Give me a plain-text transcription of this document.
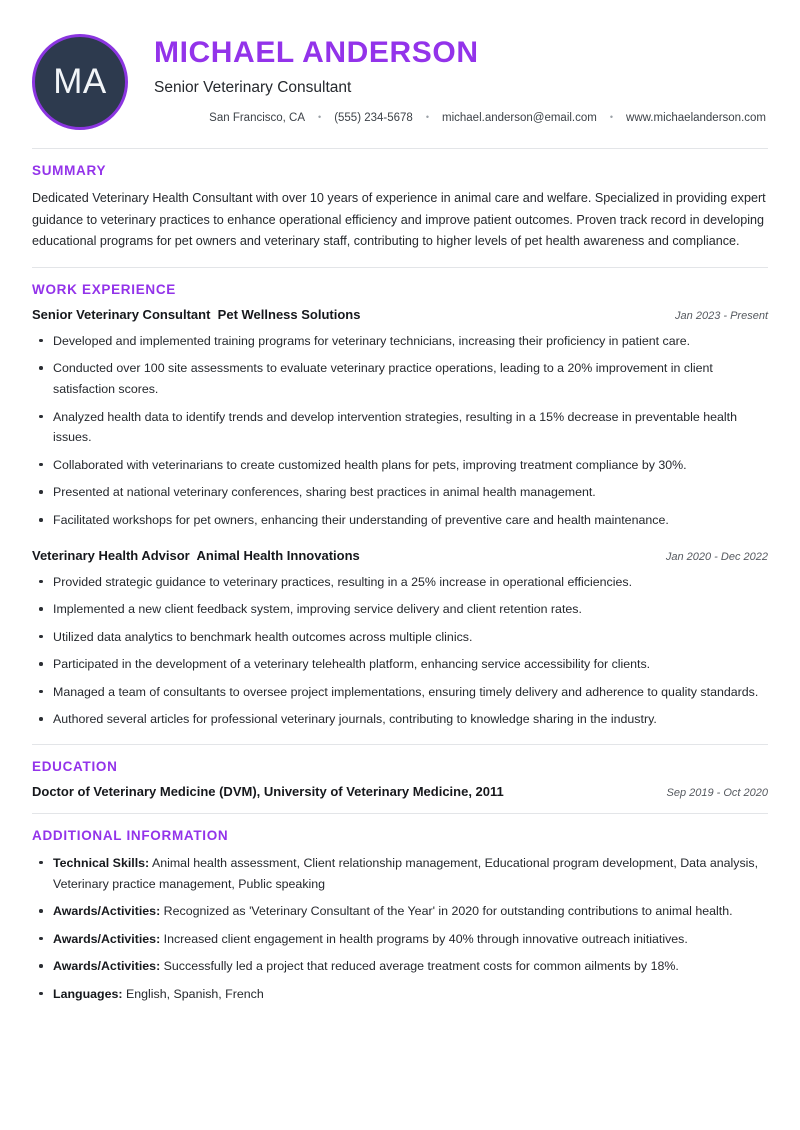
MA
MICHAEL ANDERSON
Senior Veterinary Consultant
San Francisco, CA	•	(555) 234-5678	•	michael.anderson@email.com	•	www.michaelanderson.com
SUMMARY

Dedicated Veterinary Health Consultant with over 10 years of experience in animal care and welfare. Specialized in providing expert guidance to veterinary practices to enhance operational efficiency and improve patient outcomes. Proven track record in developing educational programs for pet owners and veterinary staff, contributing to higher levels of pet health awareness and compliance.

WORK EXPERIENCE
Senior Veterinary Consultant Pet Wellness Solutions	Jan 2023 - Present
Developed and implemented training programs for veterinary technicians, increasing their proficiency in patient care.
Conducted over 100 site assessments to evaluate veterinary practice operations, leading to a 20% improvement in client satisfaction scores.
Analyzed health data to identify trends and develop intervention strategies, resulting in a 15% decrease in preventable health issues.
Collaborated with veterinarians to create customized health plans for pets, improving treatment compliance by 30%.
Presented at national veterinary conferences, sharing best practices in animal health management.
Facilitated workshops for pet owners, enhancing their understanding of preventive care and health maintenance.
Veterinary Health Advisor Animal Health Innovations	Jan 2020 - Dec 2022
Provided strategic guidance to veterinary practices, resulting in a 25% increase in operational efficiencies.
Implemented a new client feedback system, improving service delivery and client retention rates.
Utilized data analytics to benchmark health outcomes across multiple clinics.
Participated in the development of a veterinary telehealth platform, enhancing service accessibility for clients.
Managed a team of consultants to oversee project implementations, ensuring timely delivery and adherence to quality standards.
Authored several articles for professional veterinary journals, contributing to knowledge sharing in the industry.
EDUCATION
Doctor of Veterinary Medicine (DVM), University of Veterinary Medicine, 2011	Sep 2019 - Oct 2020
ADDITIONAL INFORMATION
Technical Skills: Animal health assessment, Client relationship management, Educational program development, Data analysis, Veterinary practice management, Public speaking
Awards/Activities: Recognized as 'Veterinary Consultant of the Year' in 2020 for outstanding contributions to animal health.
Awards/Activities: Increased client engagement in health programs by 40% through innovative outreach initiatives.
Awards/Activities: Successfully led a project that reduced average treatment costs for common ailments by 18%.
Languages: English, Spanish, French
